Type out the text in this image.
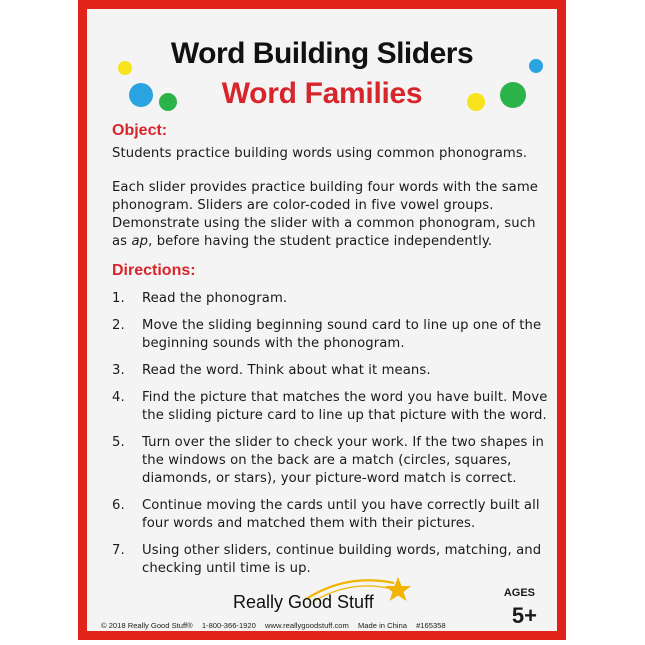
Word Building Sliders
Word Families
Object:
Students practice building words using common phonograms.
Each slider provides practice building four words with the same phonogram. Sliders are color-coded in five vowel groups. Demonstrate using the slider with a common phonogram, such as ap, before having the student practice independently.
Directions:
1.	Read the phonogram.
2.	Move the sliding beginning sound card to line up one of the beginning sounds with the phonogram.
3.	Read the word. Think about what it means.
4.	Find the picture that matches the word you have built. Move the sliding picture card to line up that picture with the word.
5.	Turn over the slider to check your work. If the two shapes in the windows on the back are a match (circles, squares, diamonds, or stars), your picture-word match is correct.
6.	Continue moving the cards until you have correctly built all four words and matched them with their pictures.
7.	Using other sliders, continue building words, matching, and checking until time is up.
Really Good Stuff	AGES
5+
© 2018 Really Good Stuff® 1-800-366-1920 www.reallygoodstuff.com Made in China #165358
